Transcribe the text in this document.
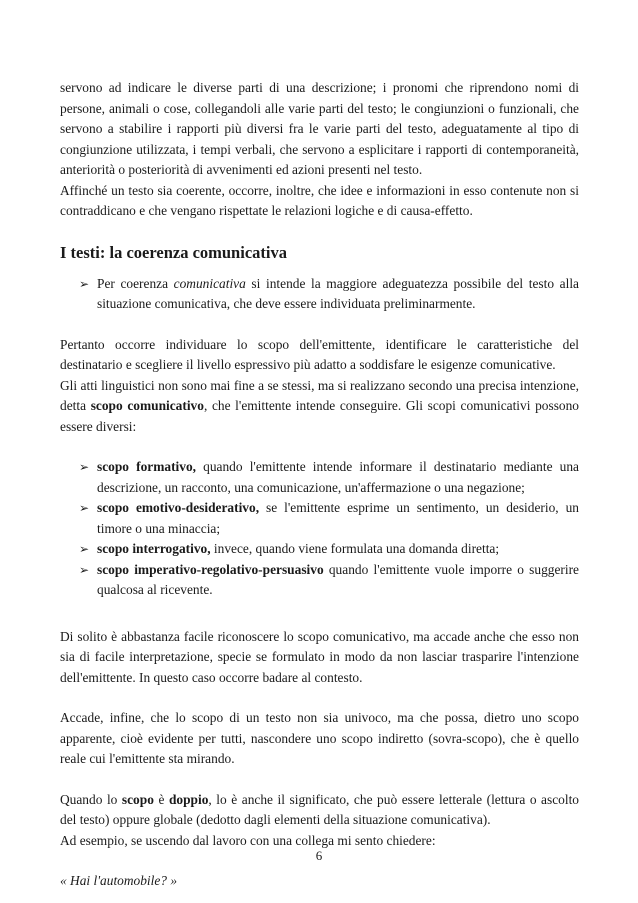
servono ad indicare le diverse parti di una descrizione; i pronomi che riprendono nomi di persone, animali o cose, collegandoli alle varie parti del testo; le congiunzioni o funzionali, che servono a stabilire i rapporti più diversi fra le varie parti del testo, adeguatamente al tipo di congiunzione utilizzata, i tempi verbali, che servono a esplicitare i rapporti di contemporaneità, anteriorità o posteriorità di avvenimenti ed azioni presenti nel testo.

Affinché un testo sia coerente, occorre, inoltre, che idee e informazioni in esso contenute non si contraddicano e che vengano rispettate le relazioni logiche e di causa-effetto.

I testi: la coerenza comunicativa
➢ Per coerenza comunicativa si intende la maggiore adeguatezza possibile del testo alla situazione comunicativa, che deve essere individuata preliminarmente.

Pertanto occorre individuare lo scopo dell'emittente, identificare le caratteristiche del destinatario e scegliere il livello espressivo più adatto a soddisfare le esigenze comunicative.

Gli atti linguistici non sono mai fine a se stessi, ma si realizzano secondo una precisa intenzione, detta scopo comunicativo, che l'emittente intende conseguire. Gli scopi comunicativi possono essere diversi:

➢ scopo formativo, quando l'emittente intende informare il destinatario mediante una descrizione, un racconto, una comunicazione, un'affermazione o una negazione;
➢ scopo emotivo-desiderativo, se l'emittente esprime un sentimento, un desiderio, un timore o una minaccia;
➢ scopo interrogativo, invece, quando viene formulata una domanda diretta;
➢ scopo imperativo-regolativo-persuasivo quando l'emittente vuole imporre o suggerire qualcosa al ricevente.

Di solito è abbastanza facile riconoscere lo scopo comunicativo, ma accade anche che esso non sia di facile interpretazione, specie se formulato in modo da non lasciar trasparire l'intenzione dell'emittente. In questo caso occorre badare al contesto.

Accade, infine, che lo scopo di un testo non sia univoco, ma che possa, dietro uno scopo apparente, cioè evidente per tutti, nascondere uno scopo indiretto (sovra-scopo), che è quello reale cui l'emittente sta mirando.

Quando lo scopo è doppio, lo è anche il significato, che può essere letterale (lettura o ascolto del testo) oppure globale (dedotto dagli elementi della situazione comunicativa).

Ad esempio, se uscendo dal lavoro con una collega mi sento chiedere:

« Hai l'automobile? »

6
